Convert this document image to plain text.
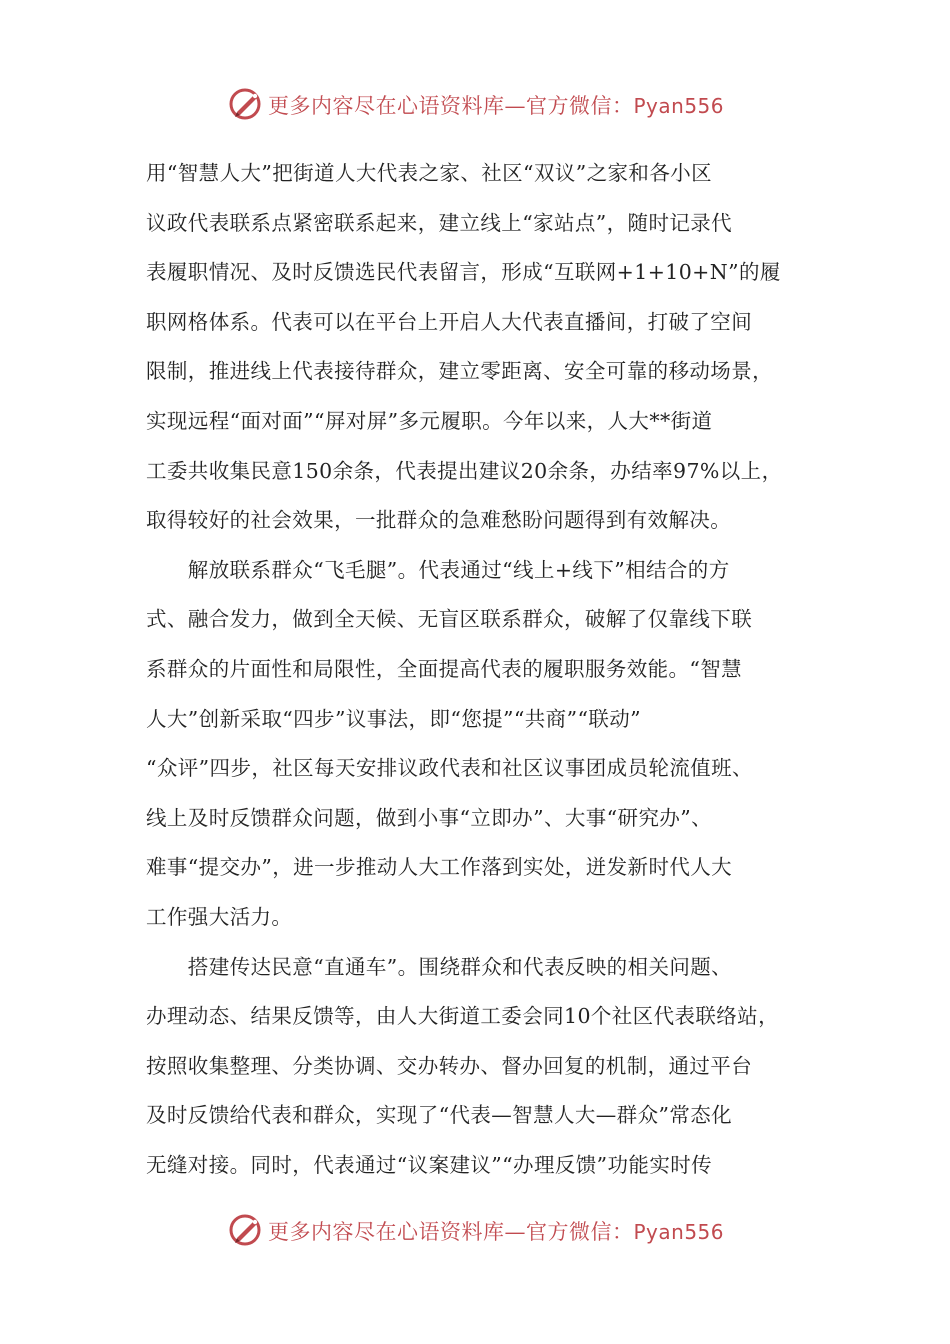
更多内容尽在心语资料库—官方微信：Pyan556
用“智慧人大”把街道人大代表之家、社区“双议”之家和各小区
议政代表联系点紧密联系起来，建立线上“家站点”，随时记录代
表履职情况、及时反馈选民代表留言，形成“互联网+1+10+N”的履
职网格体系。代表可以在平台上开启人大代表直播间，打破了空间
限制，推进线上代表接待群众，建立零距离、安全可靠的移动场景，
实现远程“面对面”“屏对屏”多元履职。今年以来，人大**街道
工委共收集民意150余条，代表提出建议20余条，办结率97%以上，
取得较好的社会效果，一批群众的急难愁盼问题得到有效解决。
　　解放联系群众“飞毛腿”。代表通过“线上+线下”相结合的方
式、融合发力，做到全天候、无盲区联系群众，破解了仅靠线下联
系群众的片面性和局限性，全面提高代表的履职服务效能。“智慧
人大”创新采取“四步”议事法，即“您提”“共商”“联动”
“众评”四步，社区每天安排议政代表和社区议事团成员轮流值班、
线上及时反馈群众问题，做到小事“立即办”、大事“研究办”、
难事“提交办”，进一步推动人大工作落到实处，迸发新时代人大
工作强大活力。
　　搭建传达民意“直通车”。围绕群众和代表反映的相关问题、
办理动态、结果反馈等，由人大街道工委会同10个社区代表联络站，
按照收集整理、分类协调、交办转办、督办回复的机制，通过平台
及时反馈给代表和群众，实现了“代表—智慧人大—群众”常态化
无缝对接。同时，代表通过“议案建议”“办理反馈”功能实时传
更多内容尽在心语资料库—官方微信：Pyan556
